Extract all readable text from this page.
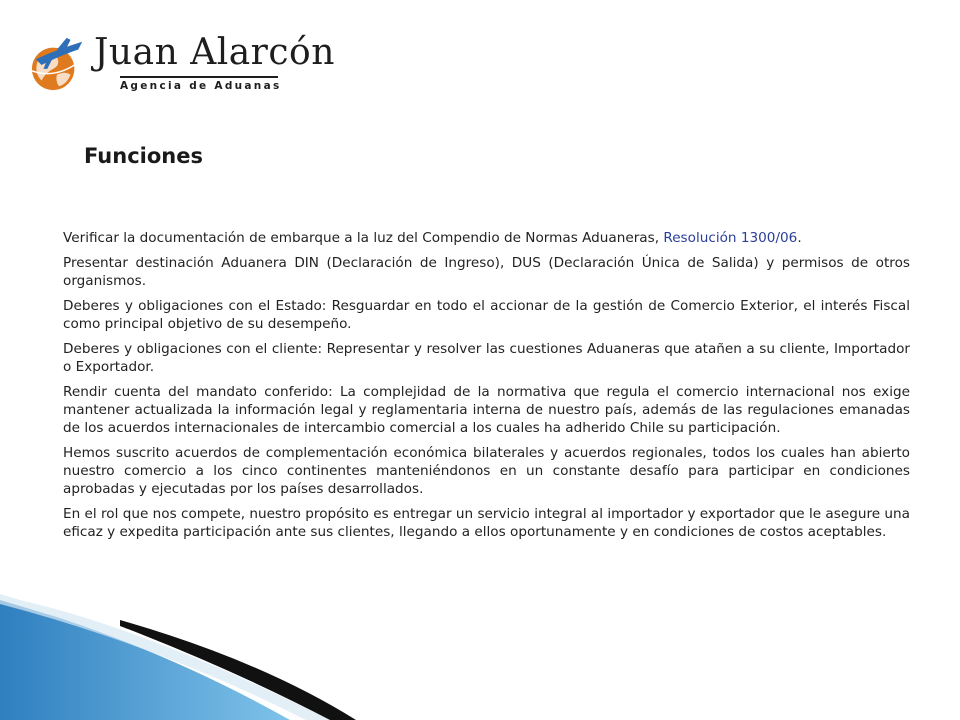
Juan Alarcón
Agencia de Aduanas
Funciones

Verificar la documentación de embarque a la luz del Compendio de Normas Aduaneras, Resolución 1300/06.

Presentar destinación Aduanera DIN (Declaración de Ingreso), DUS (Declaración Única de Salida) y permisos de otros organismos.

Deberes y obligaciones con el Estado: Resguardar en todo el accionar de la gestión de Comercio Exterior, el interés Fiscal como principal objetivo de su desempeño.

Deberes y obligaciones con el cliente: Representar y resolver las cuestiones Aduaneras que atañen a su cliente, Importador o Exportador.

Rendir cuenta del mandato conferido: La complejidad de la normativa que regula el comercio internacional nos exige mantener actualizada la información legal y reglamentaria interna de nuestro país, además de las regulaciones emanadas de los acuerdos internacionales de intercambio comercial a los cuales ha adherido Chile su participación.

Hemos suscrito acuerdos de complementación económica bilaterales y acuerdos regionales, todos los cuales han abierto nuestro comercio a los cinco continentes manteniéndonos en un constante desafío para participar en condiciones aprobadas y ejecutadas por los países desarrollados.

En el rol que nos compete, nuestro propósito es entregar un servicio integral al importador y exportador que le asegure una eficaz y expedita participación ante sus clientes, llegando a ellos oportunamente y en condiciones de costos aceptables.
